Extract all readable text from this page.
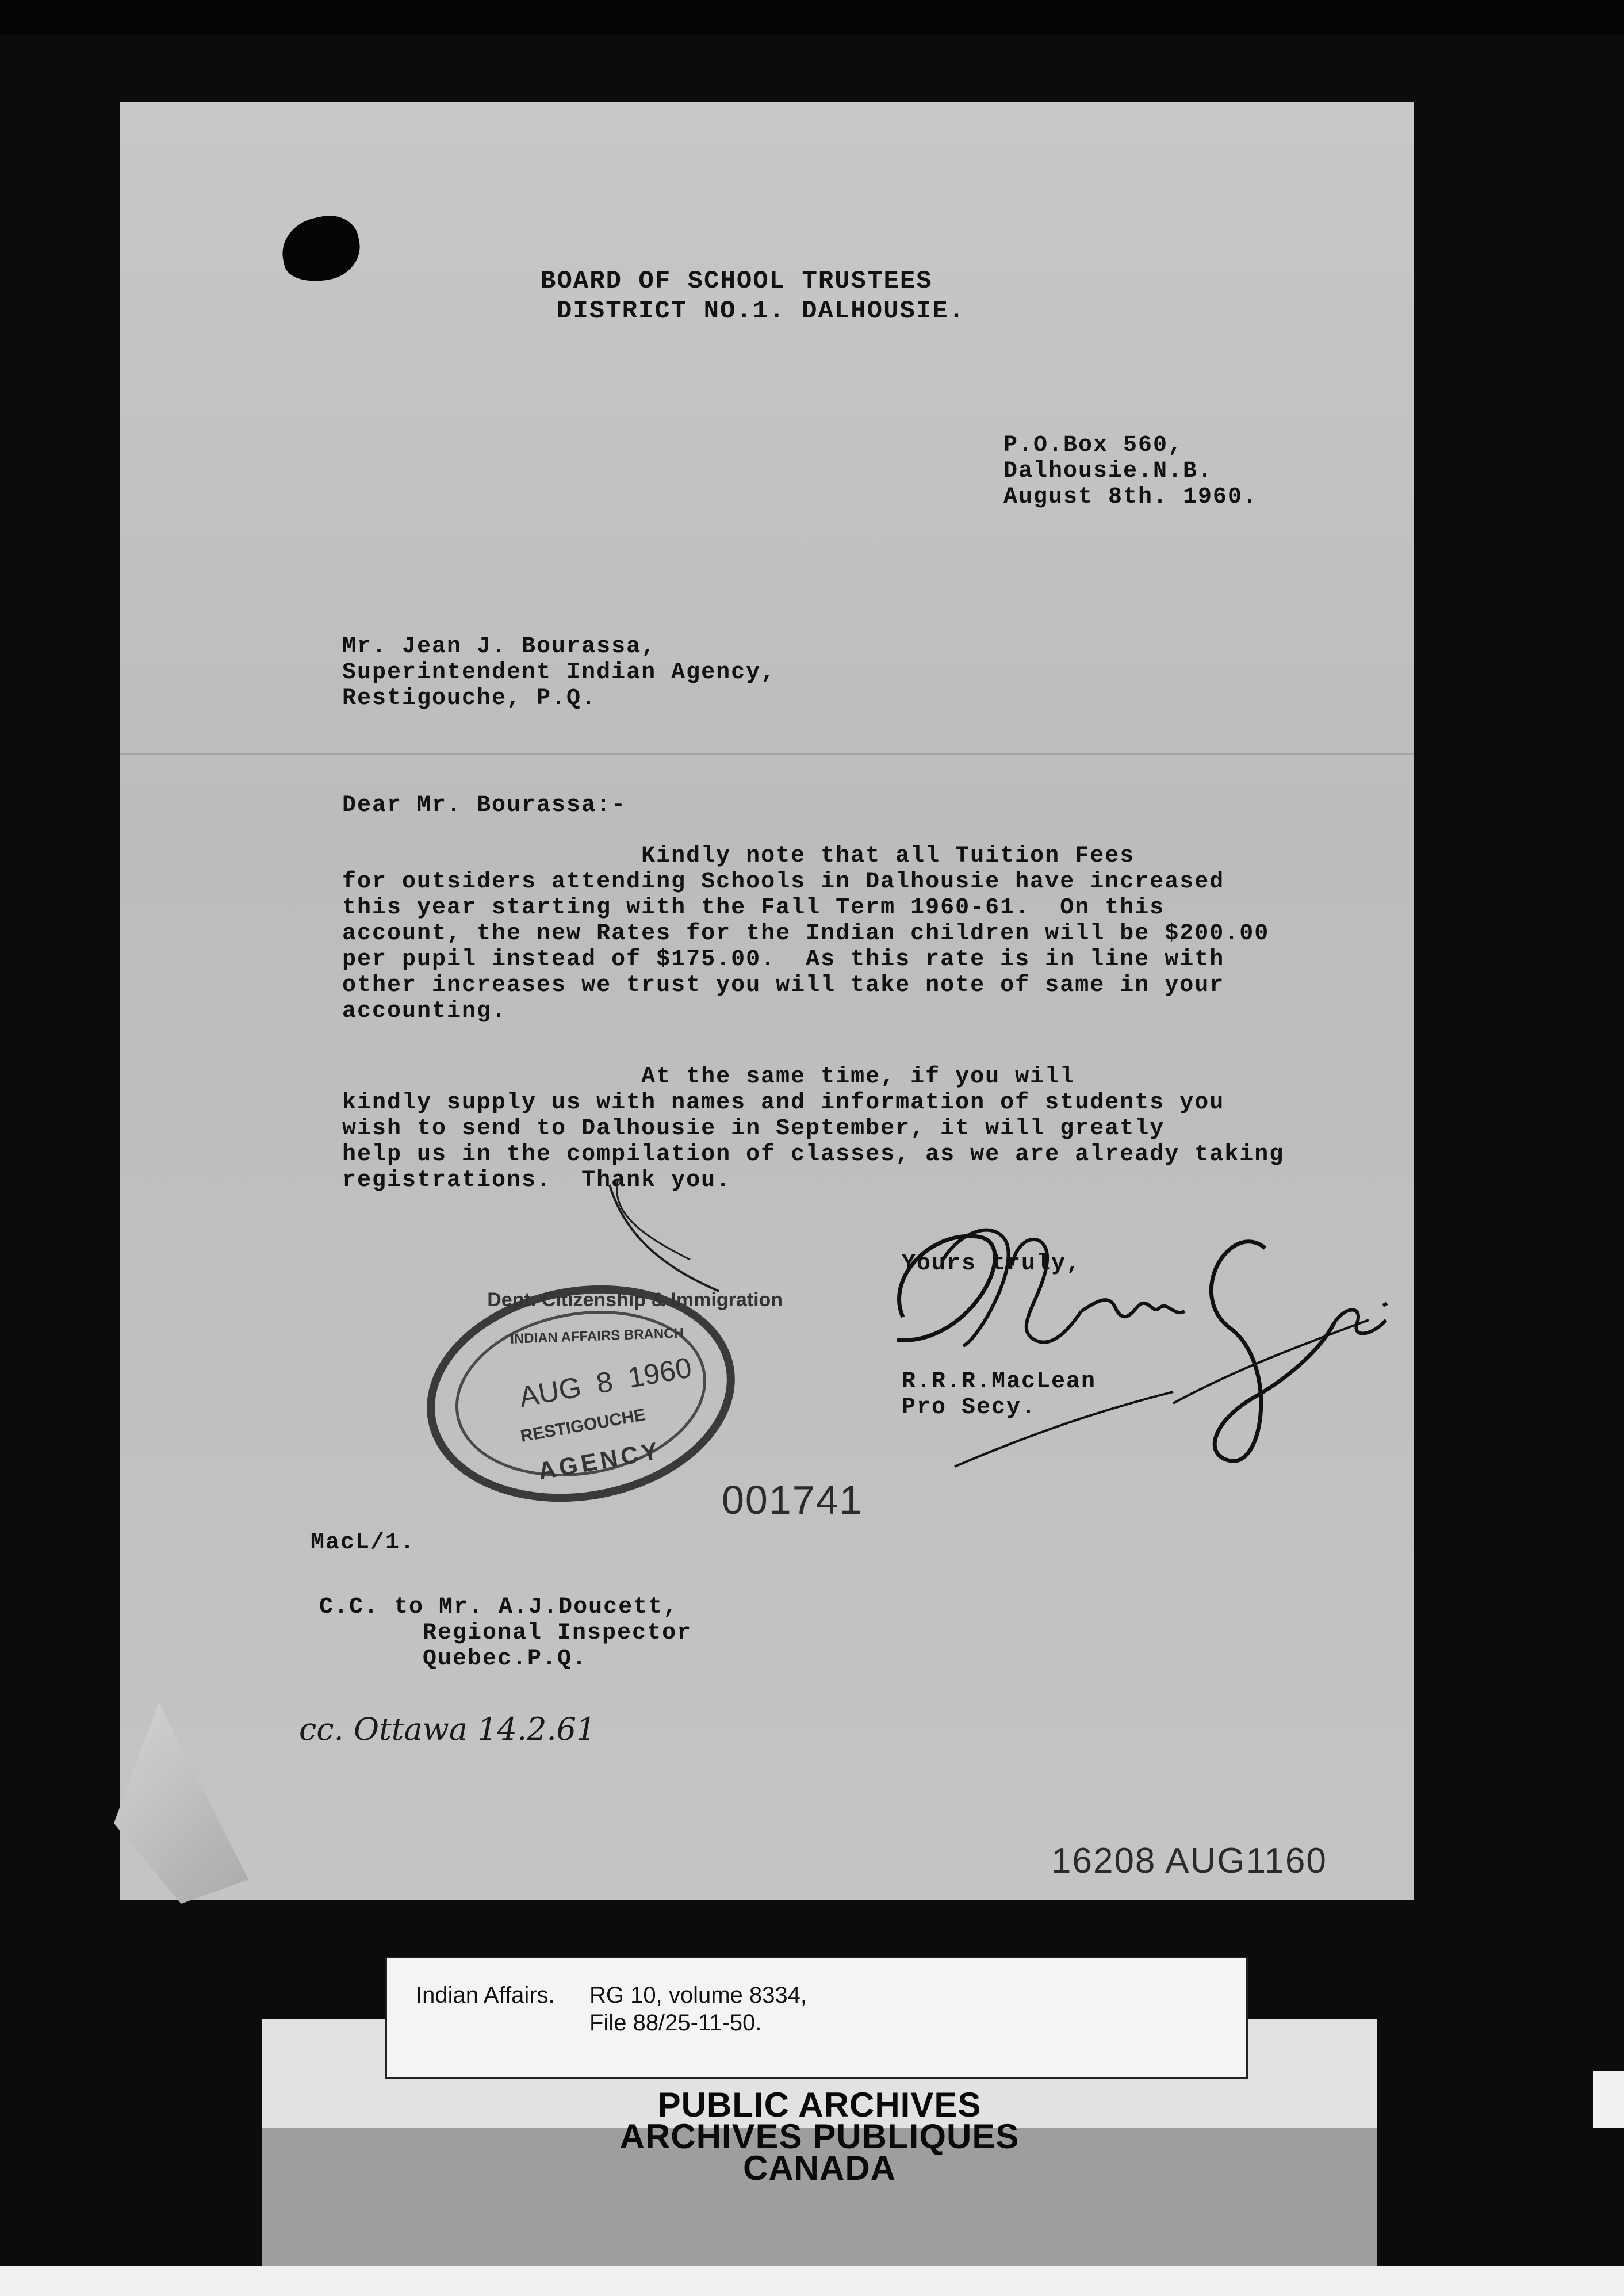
BOARD OF SCHOOL TRUSTEES
DISTRICT NO.1. DALHOUSIE.
P.O.Box 560,
Dalhousie.N.B.
August 8th. 1960.
Mr. Jean J. Bourassa,
Superintendent Indian Agency,
Restigouche, P.Q.
Dear Mr. Bourassa:-
Kindly note that all Tuition Fees
for outsiders attending Schools in Dalhousie have increased
this year starting with the Fall Term 1960-61.  On this
account, the new Rates for the Indian children will be $200.00
per pupil instead of $175.00.  As this rate is in line with
other increases we trust you will take note of same in your
accounting.
At the same time, if you will
kindly supply us with names and information of students you
wish to send to Dalhousie in September, it will greatly
help us in the compilation of classes, as we are already taking
registrations.  Thank you.
Yours truly,
R.R.R.MacLean
Pro Secy.
Dept. Citizenship & Immigration
INDIAN AFFAIRS BRANCH
AUG  8  1960
RESTIGOUCHE
AGENCY
001741
MacL/1.
C.C. to Mr. A.J.Doucett,
Regional Inspector
Quebec.P.Q.
cc. Ottawa 14.2.61
16208 AUG1160
Indian Affairs. RG 10, volume 8334,
File 88/25-11-50.
PUBLIC ARCHIVES
ARCHIVES PUBLIQUES
CANADA
